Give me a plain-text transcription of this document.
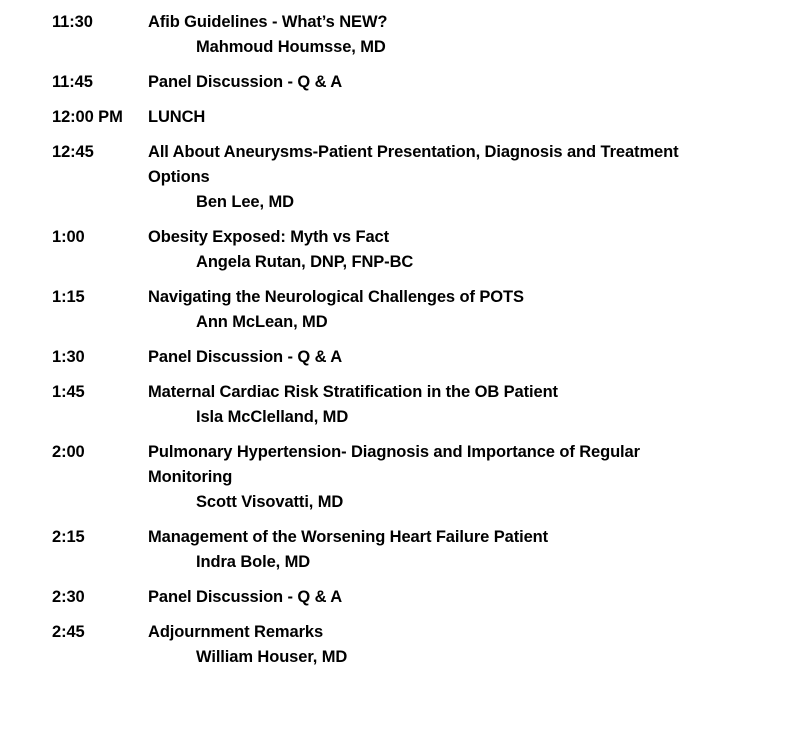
11:30	Afib Guidelines - What’s NEW?
Mahmoud Houmsse, MD
11:45	Panel Discussion - Q & A
12:00 PM	LUNCH
12:45	All About Aneurysms-Patient Presentation, Diagnosis and Treatment Options
Ben Lee, MD
1:00	Obesity Exposed: Myth vs Fact
Angela Rutan, DNP, FNP-BC
1:15	Navigating the Neurological Challenges of POTS
Ann McLean, MD
1:30	Panel Discussion - Q & A
1:45	Maternal Cardiac Risk Stratification in the OB Patient
Isla McClelland, MD
2:00	Pulmonary Hypertension- Diagnosis and Importance of Regular Monitoring
Scott Visovatti, MD
2:15	Management of the Worsening Heart Failure Patient
Indra Bole, MD
2:30	Panel Discussion - Q & A
2:45	Adjournment Remarks
William Houser, MD
